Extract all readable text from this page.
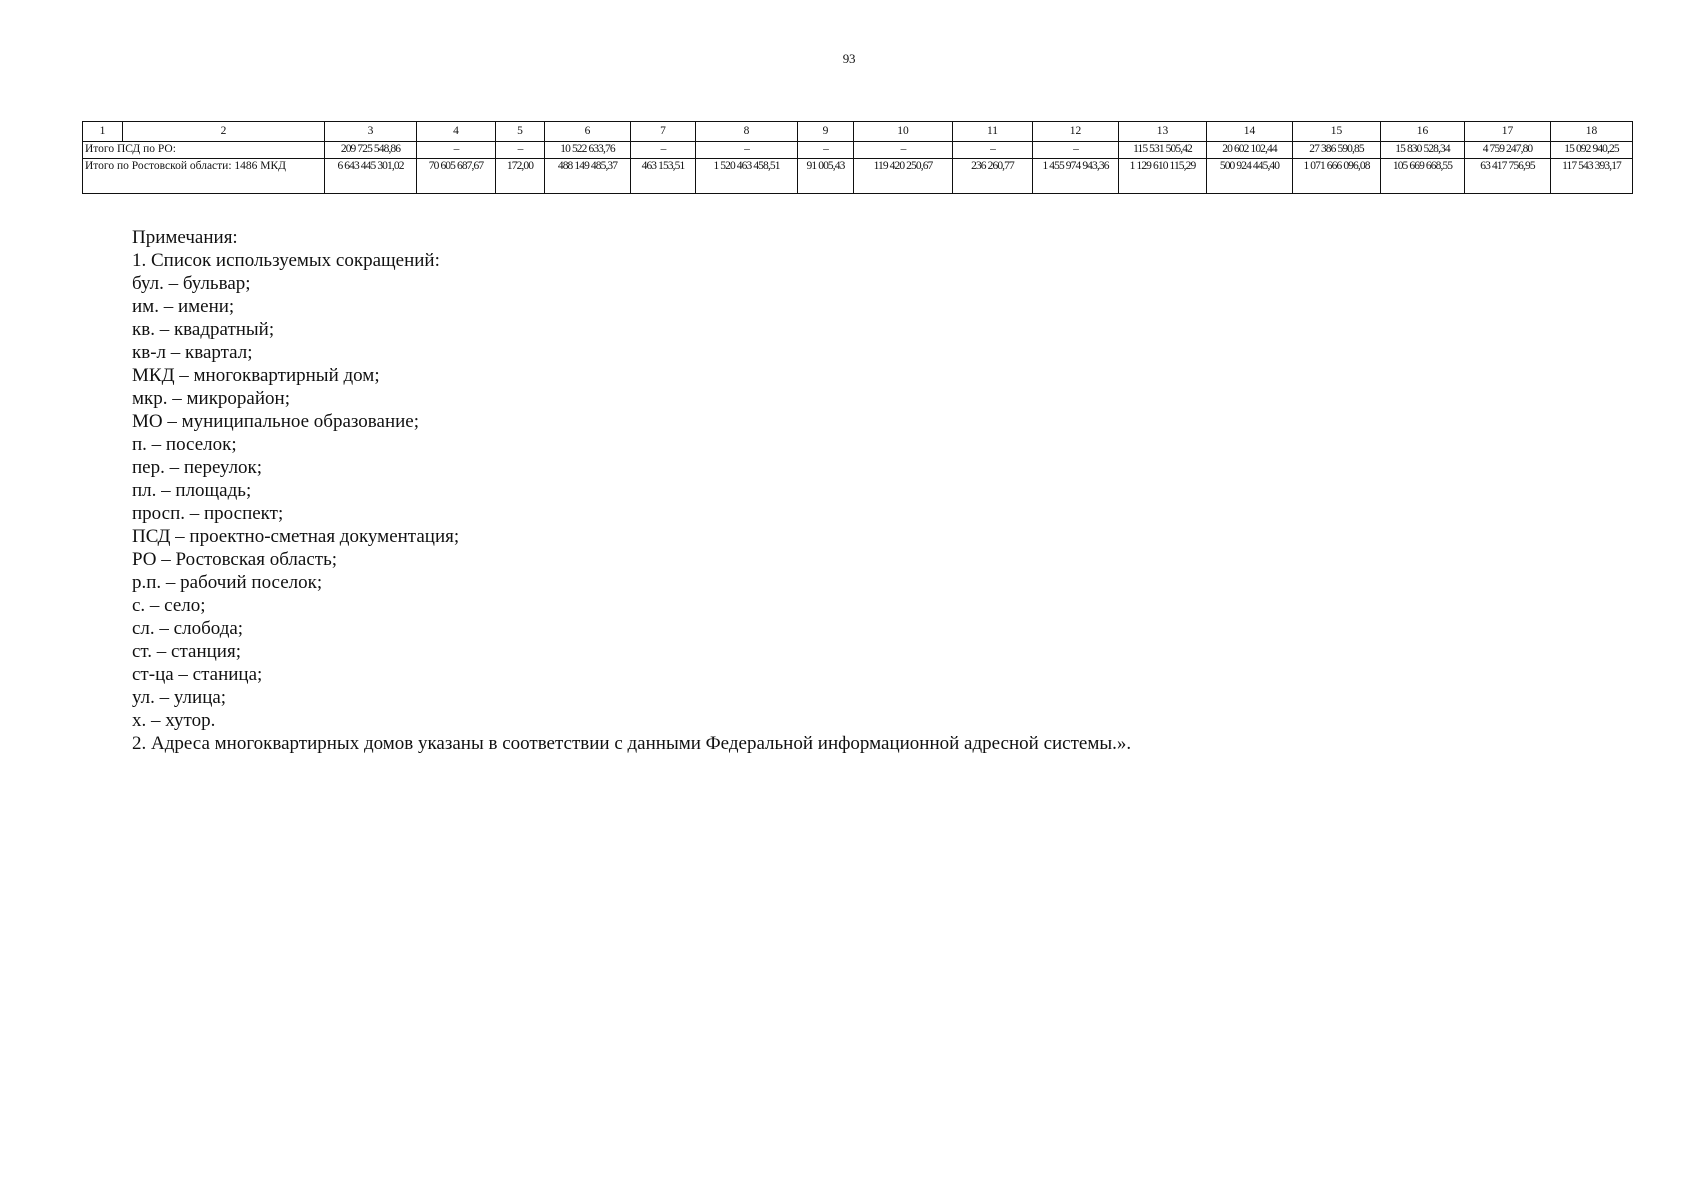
93
1	2	3	4	5	6	7	8	9	10	11	12	13	14	15	16	17	18
Итого ПСД по РО:		209 725 548,86	–	–	10 522 633,76	–	–	–	–	–	–	115 531 505,42	20 602 102,44	27 386 590,85	15 830 528,34	4 759 247,80	15 092 940,25
Итого по Ростовской области: 1486 МКД		6 643 445 301,02	70 605 687,67	172,00	488 149 485,37	463 153,51	1 520 463 458,51	91 005,43	119 420 250,67	236 260,77	1 455 974 943,36	1 129 610 115,29	500 924 445,40	1 071 666 096,08	105 669 668,55	63 417 756,95	117 543 393,17
Примечания:
1. Список используемых сокращений:
бул. – бульвар;
им. – имени;
кв. – квадратный;
кв-л – квартал;
МКД – многоквартирный дом;
мкр. – микрорайон;
МО – муниципальное образование;
п. – поселок;
пер. – переулок;
пл. – площадь;
просп. – проспект;
ПСД – проектно-сметная документация;
РО – Ростовская область;
р.п. – рабочий поселок;
с. – село;
сл. – слобода;
ст. – станция;
ст-ца – станица;
ул. – улица;
х. – хутор.
2. Адреса многоквартирных домов указаны в соответствии с данными Федеральной информационной адресной системы.».
